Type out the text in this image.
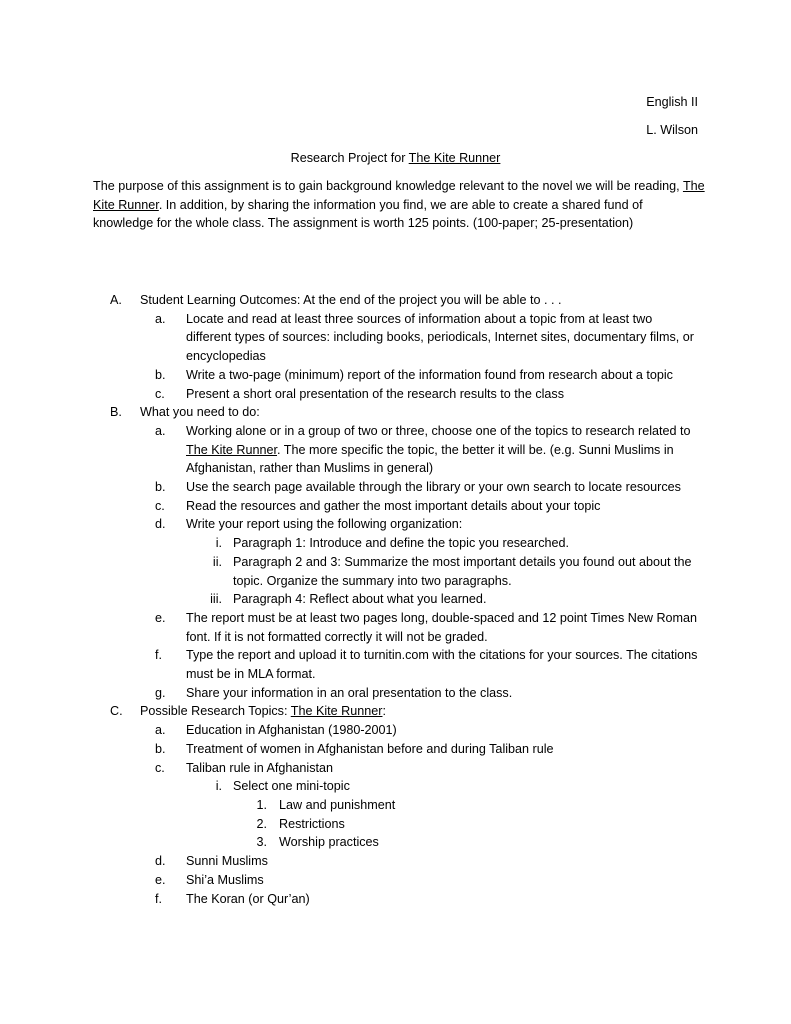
English II
L. Wilson
Research Project for The Kite Runner

The purpose of this assignment is to gain background knowledge relevant to the novel we will be reading, The Kite Runner. In addition, by sharing the information you find, we are able to create a shared fund of knowledge for the whole class. The assignment is worth 125 points. (100-paper; 25-presentation)

A.	Student Learning Outcomes: At the end of the project you will be able to . . .
a.	Locate and read at least three sources of information about a topic from at least two different types of sources: including books, periodicals, Internet sites, documentary films, or encyclopedias
b.	Write a two-page (minimum) report of the information found from research about a topic
c.	Present a short oral presentation of the research results to the class
B.	What you need to do:
a.	Working alone or in a group of two or three, choose one of the topics to research related to The Kite Runner. The more specific the topic, the better it will be. (e.g. Sunni Muslims in Afghanistan, rather than Muslims in general)
b.	Use the search page available through the library or your own search to locate resources
c.	Read the resources and gather the most important details about your topic
d.	Write your report using the following organization:
i. Paragraph 1: Introduce and define the topic you researched.
ii. Paragraph 2 and 3: Summarize the most important details you found out about the topic. Organize the summary into two paragraphs.
iii. Paragraph 4: Reflect about what you learned.
e.	The report must be at least two pages long, double-spaced and 12 point Times New Roman font. If it is not formatted correctly it will not be graded.
f.	Type the report and upload it to turnitin.com with the citations for your sources. The citations must be in MLA format.
g.	Share your information in an oral presentation to the class.
C.	Possible Research Topics: The Kite Runner:
a.	Education in Afghanistan (1980-2001)
b.	Treatment of women in Afghanistan before and during Taliban rule
c.	Taliban rule in Afghanistan
i. Select one mini-topic
1. Law and punishment
2. Restrictions
3. Worship practices
d.	Sunni Muslims
e.	Shi’a Muslims
f.	The Koran (or Qur’an)
